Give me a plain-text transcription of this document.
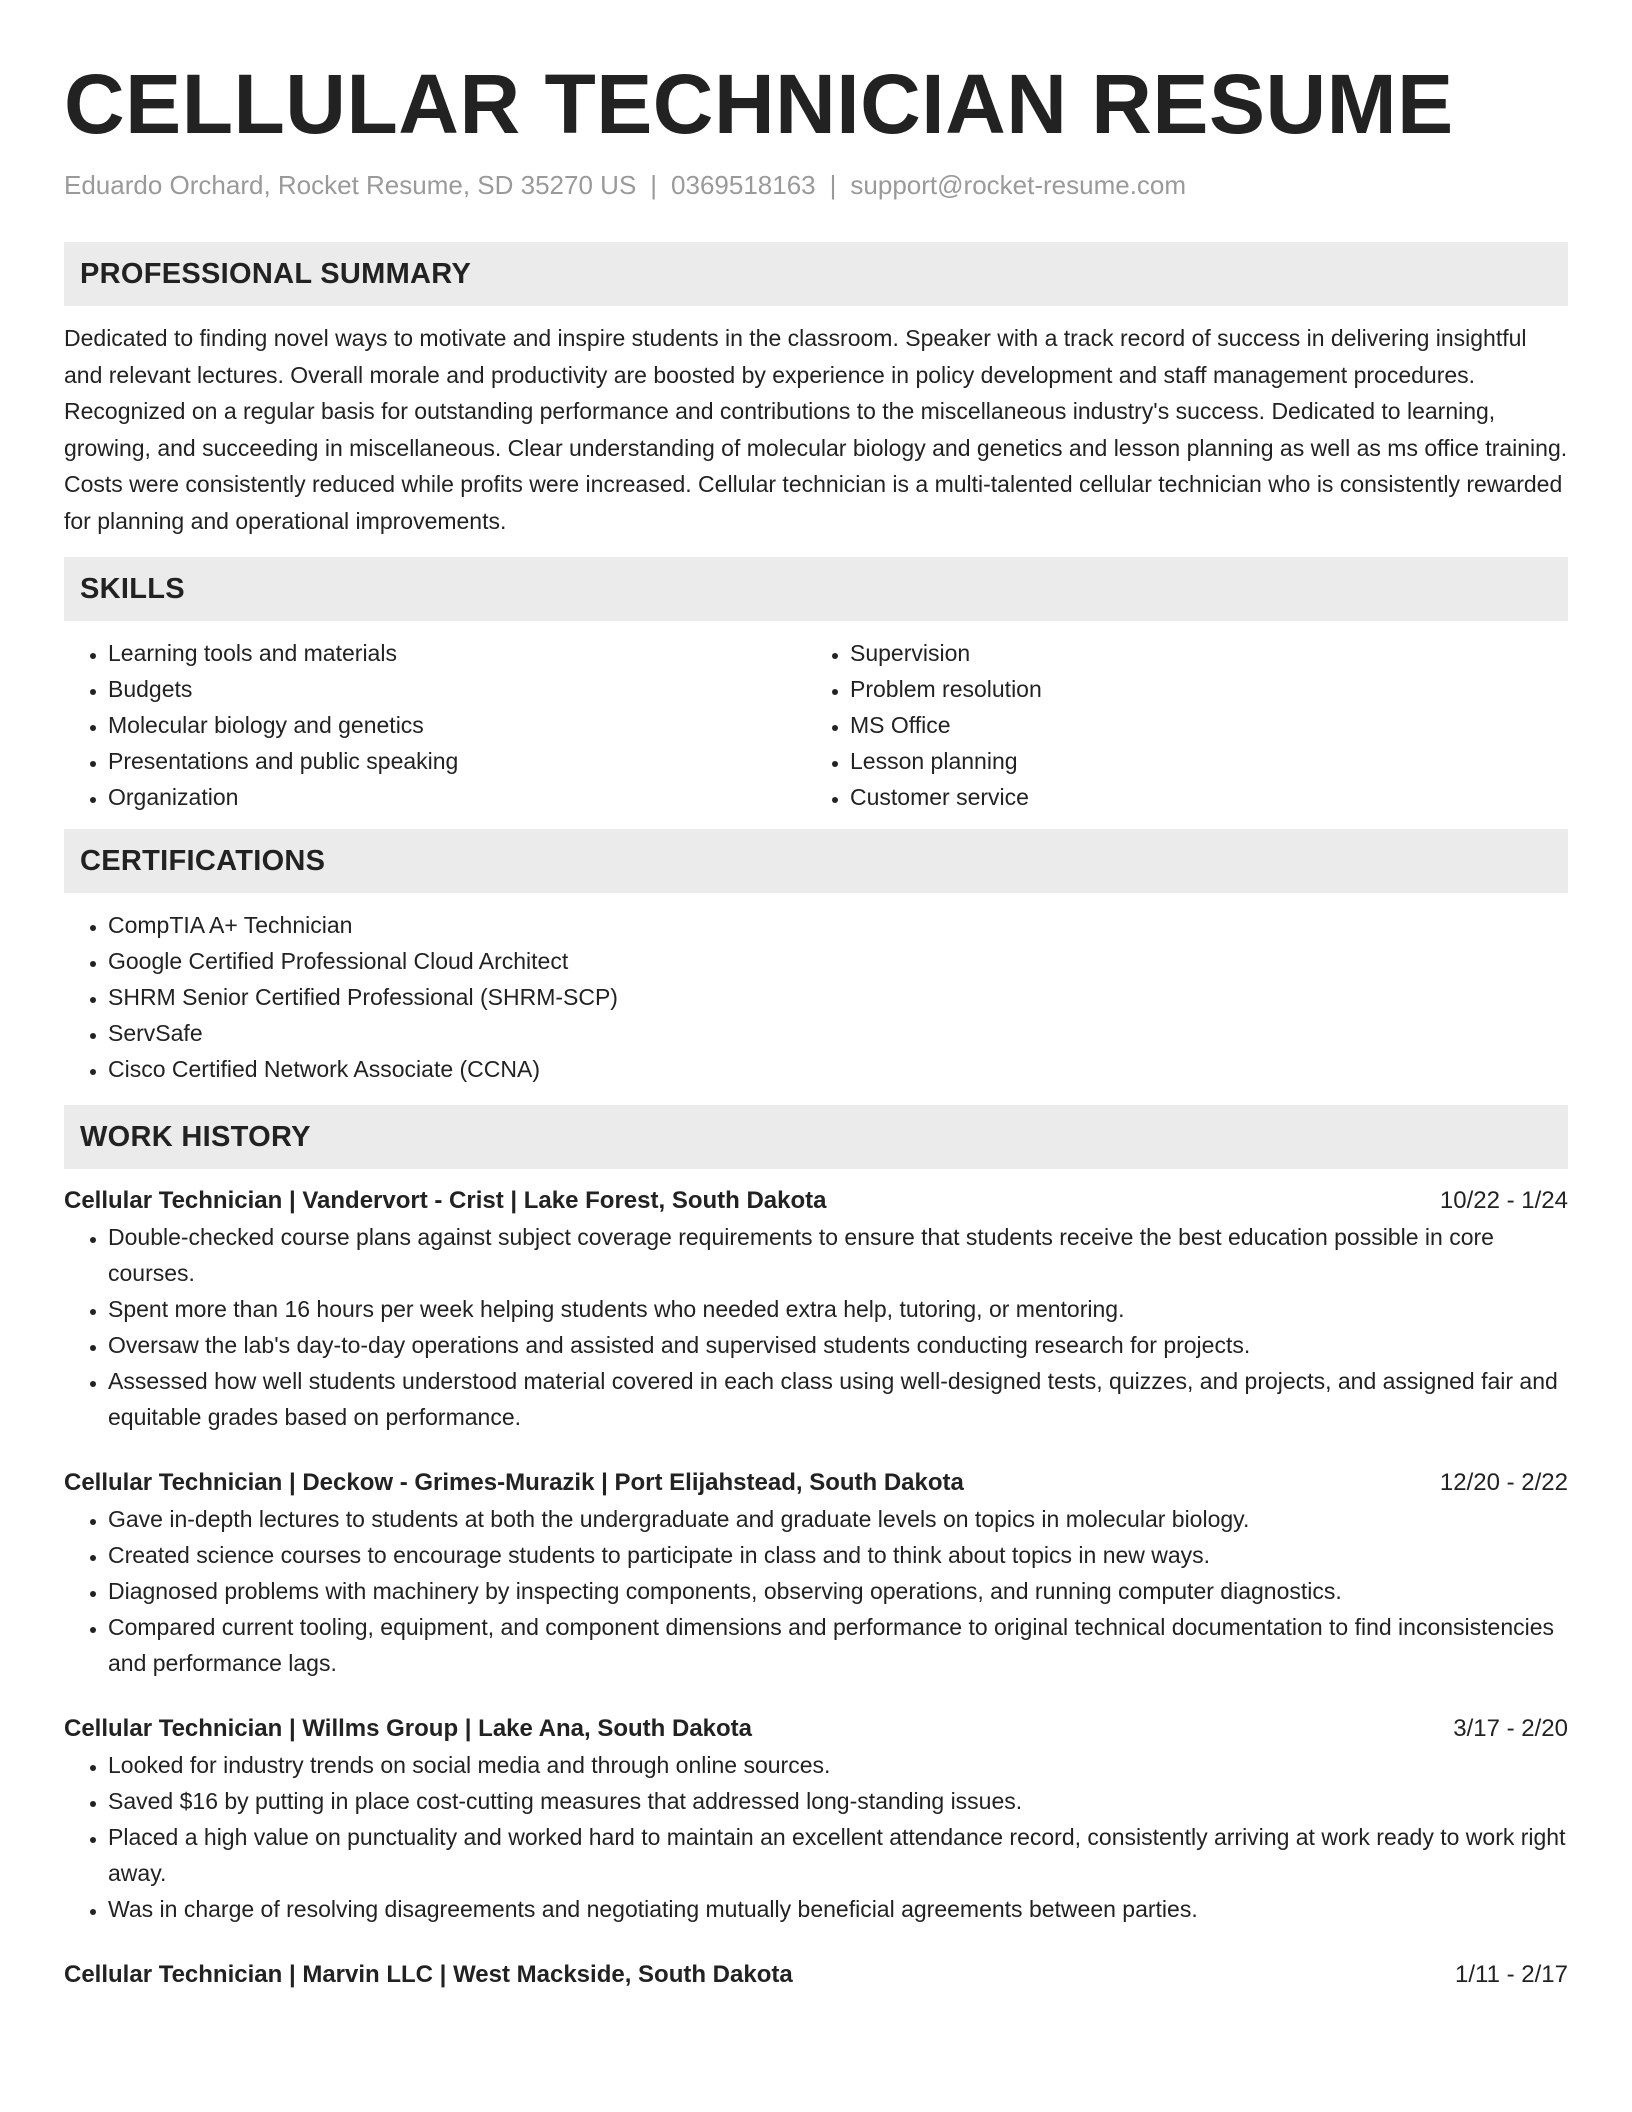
CELLULAR TECHNICIAN RESUME
Eduardo Orchard, Rocket Resume, SD 35270 US | 0369518163 | support@rocket-resume.com
PROFESSIONAL SUMMARY

Dedicated to finding novel ways to motivate and inspire students in the classroom. Speaker with a track record of success in delivering insightful and relevant lectures. Overall morale and productivity are boosted by experience in policy development and staff management procedures. Recognized on a regular basis for outstanding performance and contributions to the miscellaneous industry's success. Dedicated to learning, growing, and succeeding in miscellaneous. Clear understanding of molecular biology and genetics and lesson planning as well as ms office training. Costs were consistently reduced while profits were increased. Cellular technician is a multi-talented cellular technician who is consistently rewarded for planning and operational improvements.

SKILLS
• Learning tools and materials
• Budgets
• Molecular biology and genetics
• Presentations and public speaking
• Organization
• Supervision
• Problem resolution
• MS Office
• Lesson planning
• Customer service
CERTIFICATIONS
• CompTIA A+ Technician
• Google Certified Professional Cloud Architect
• SHRM Senior Certified Professional (SHRM-SCP)
• ServSafe
• Cisco Certified Network Associate (CCNA)
WORK HISTORY
Cellular Technician | Vandervort - Crist | Lake Forest, South Dakota	10/22 - 1/24
• Double-checked course plans against subject coverage requirements to ensure that students receive the best education possible in core courses.
• Spent more than 16 hours per week helping students who needed extra help, tutoring, or mentoring.
• Oversaw the lab's day-to-day operations and assisted and supervised students conducting research for projects.
• Assessed how well students understood material covered in each class using well-designed tests, quizzes, and projects, and assigned fair and equitable grades based on performance.
Cellular Technician | Deckow - Grimes-Murazik | Port Elijahstead, South Dakota	12/20 - 2/22
• Gave in-depth lectures to students at both the undergraduate and graduate levels on topics in molecular biology.
• Created science courses to encourage students to participate in class and to think about topics in new ways.
• Diagnosed problems with machinery by inspecting components, observing operations, and running computer diagnostics.
• Compared current tooling, equipment, and component dimensions and performance to original technical documentation to find inconsistencies and performance lags.
Cellular Technician | Willms Group | Lake Ana, South Dakota	3/17 - 2/20
• Looked for industry trends on social media and through online sources.
• Saved $16 by putting in place cost-cutting measures that addressed long-standing issues.
• Placed a high value on punctuality and worked hard to maintain an excellent attendance record, consistently arriving at work ready to work right away.
• Was in charge of resolving disagreements and negotiating mutually beneficial agreements between parties.
Cellular Technician | Marvin LLC | West Mackside, South Dakota	1/11 - 2/17
